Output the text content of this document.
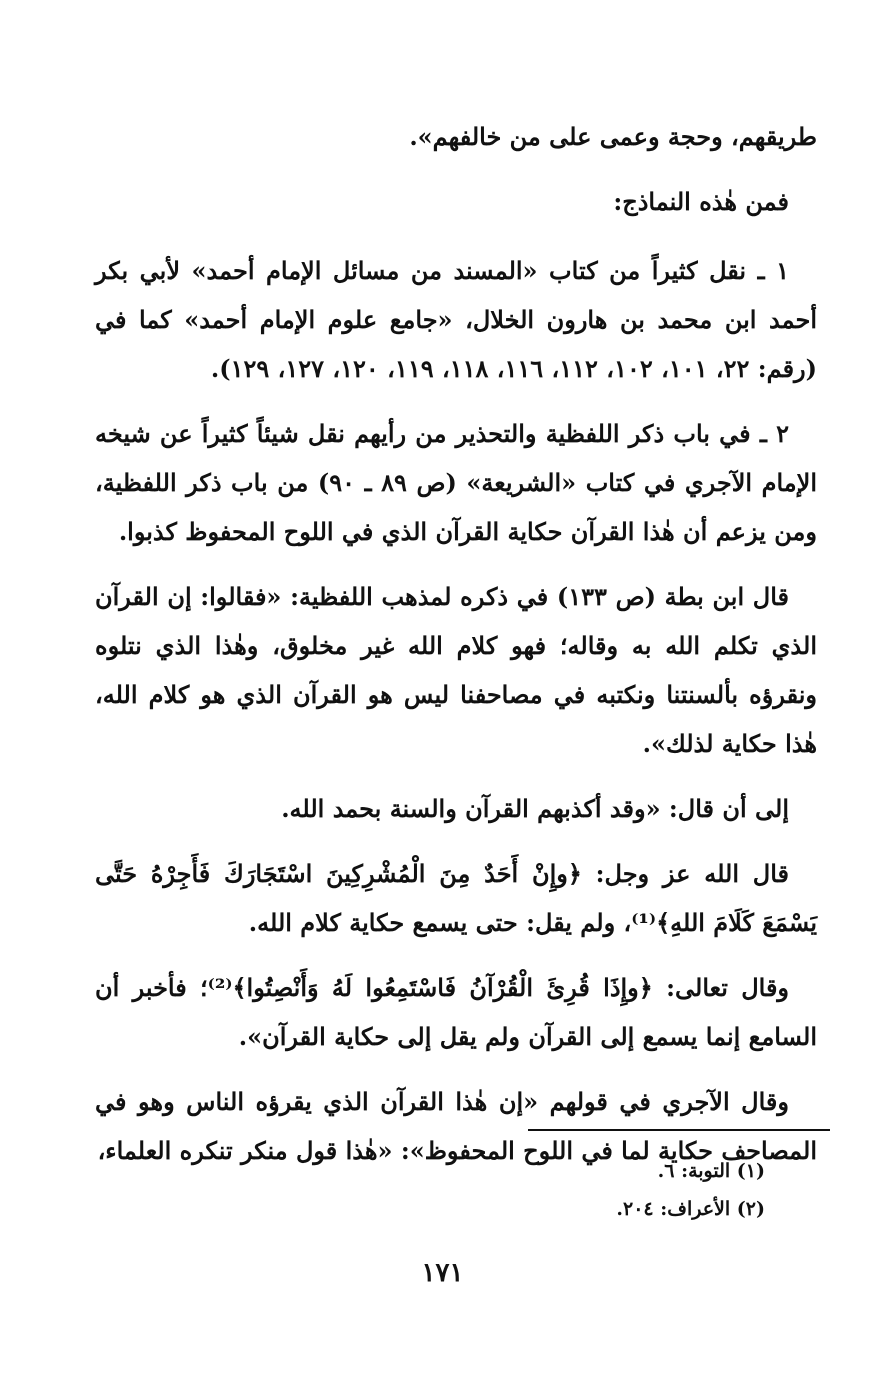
طريقهم، وحجة وعمى على من خالفهم».

فمن هٰذه النماذج:

١ ـ نقل كثيراً من كتاب «المسند من مسائل الإمام أحمد» لأبي بكر أحمد ابن محمد بن هارون الخلال، «جامع علوم الإمام أحمد» كما في (رقم: ٢٢، ١٠١، ١٠٢، ١١٢، ١١٦، ١١٨، ١١٩، ١٢٠، ١٢٧، ١٢٩).

٢ ـ في باب ذكر اللفظية والتحذير من رأيهم نقل شيئاً كثيراً عن شيخه الإمام الآجري في كتاب «الشريعة» (ص ٨٩ ـ ٩٠) من باب ذكر اللفظية، ومن يزعم أن هٰذا القرآن حكاية القرآن الذي في اللوح المحفوظ كذبوا.

قال ابن بطة (ص ١٣٣) في ذكره لمذهب اللفظية: «فقالوا: إن القرآن الذي تكلم الله به وقاله؛ فهو كلام الله غير مخلوق، وهٰذا الذي نتلوه ونقرؤه بألسنتنا ونكتبه في مصاحفنا ليس هو القرآن الذي هو كلام الله، هٰذا حكاية لذلك».

إلى أن قال: «وقد أكذبهم القرآن والسنة بحمد الله.

قال الله عز وجل: ﴿وإِنْ أَحَدٌ مِنَ الْمُشْرِكِينَ اسْتَجَارَكَ فَأَجِرْهُ حَتَّى يَسْمَعَ كَلَامَ اللهِ﴾⁽¹⁾، ولم يقل: حتى يسمع حكاية كلام الله.

وقال تعالى: ﴿وإِذَا قُرِئَ الْقُرْآنُ فَاسْتَمِعُوا لَهُ وَأَنْصِتُوا﴾⁽²⁾؛ فأخبر أن السامع إنما يسمع إلى القرآن ولم يقل إلى حكاية القرآن».

وقال الآجري في قولهم «إن هٰذا القرآن الذي يقرؤه الناس وهو في المصاحف حكاية لما في اللوح المحفوظ»: «هٰذا قول منكر تنكره العلماء،

(١) التوبة: ٦.
(٢) الأعراف: ٢٠٤.
١٧١
